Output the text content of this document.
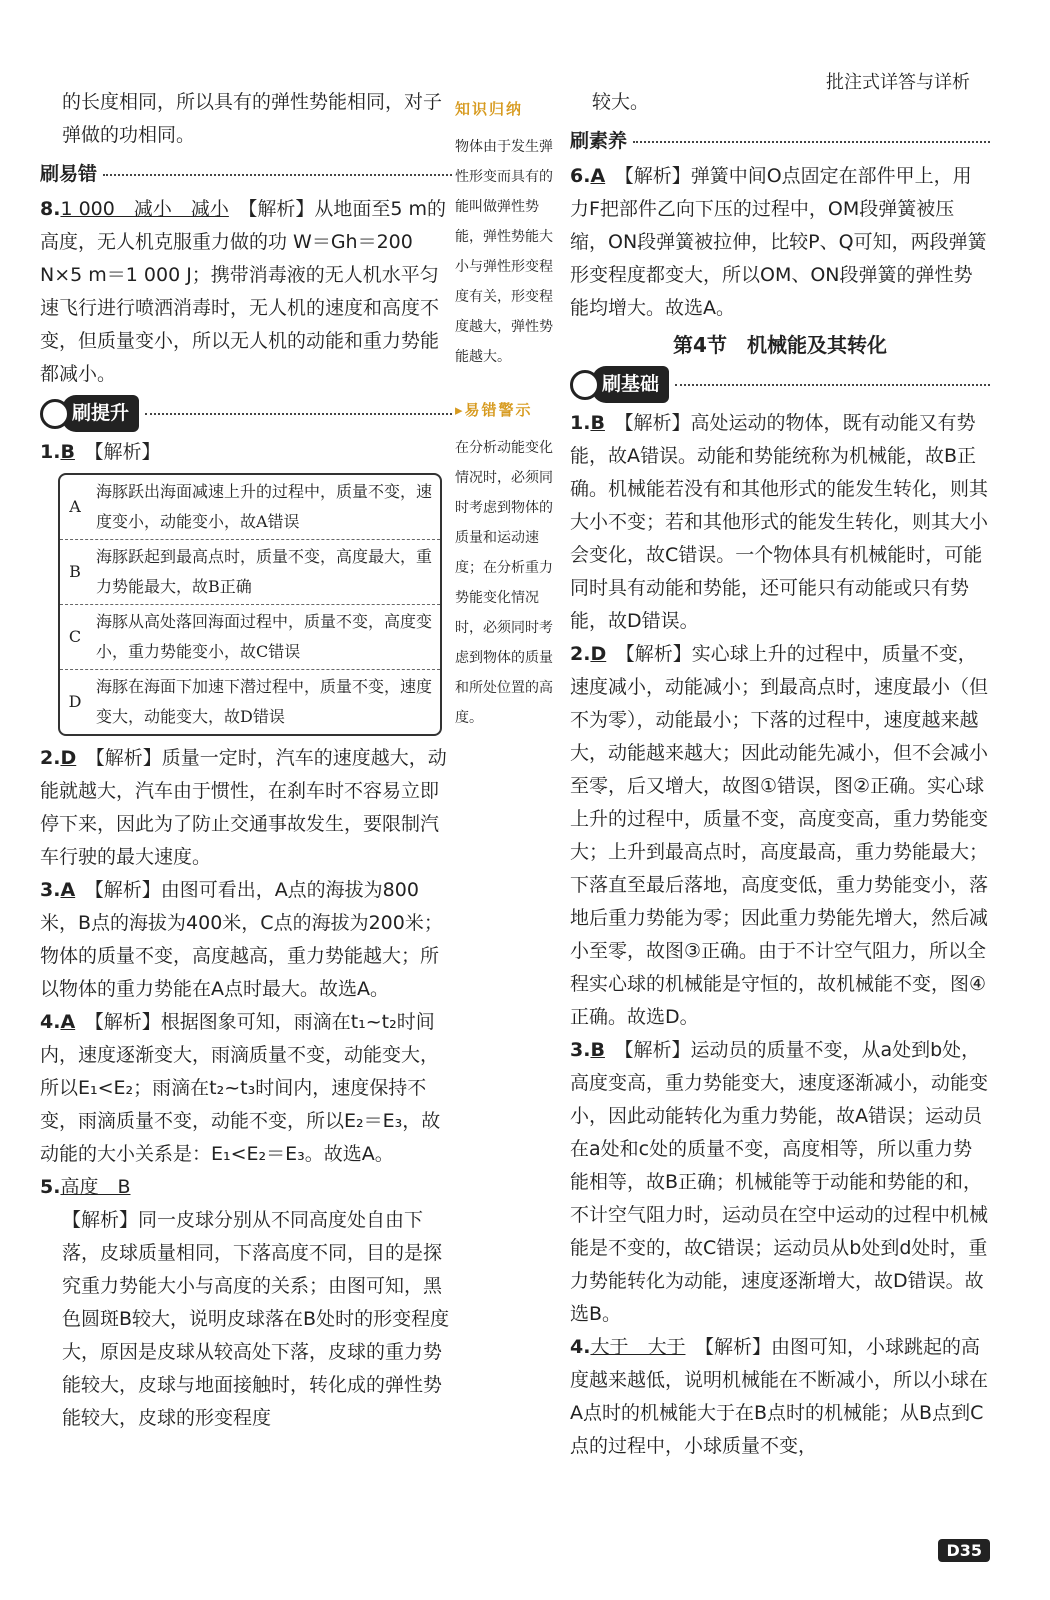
批注式详答与详析

的长度相同，所以具有的弹性势能相同，对子弹做的功相同。

刷易错

8.1 000　减小　减小　 【解析】从地面至5 m的高度，无人机克服重力做的功 W＝Gh＝200 N×5 m＝1 000 J；携带消毒液的无人机水平匀速飞行进行喷洒消毒时，无人机的速度和高度不变，但质量变小，所以无人机的动能和重力势能都减小。

刷提升

1.B　 【解析】

A
海豚跃出海面减速上升的过程中，质量不变，速度变小，动能变小，故A错误
B
海豚跃起到最高点时，质量不变，高度最大，重力势能最大，故B正确
C
海豚从高处落回海面过程中，质量不变，高度变小，重力势能变小，故C错误
D
海豚在海面下加速下潜过程中，质量不变，速度变大，动能变大，故D错误

2.D　 【解析】质量一定时，汽车的速度越大，动能就越大，汽车由于惯性，在刹车时不容易立即停下来，因此为了防止交通事故发生，要限制汽车行驶的最大速度。

3.A　 【解析】由图可看出，A点的海拔为800米，B点的海拔为400米，C点的海拔为200米；物体的质量不变，高度越高，重力势能越大；所以物体的重力势能在A点时最大。故选A。

4.A　 【解析】根据图象可知，雨滴在t₁~t₂时间内，速度逐渐变大，雨滴质量不变，动能变大，所以E₁<E₂；雨滴在t₂~t₃时间内，速度保持不变，雨滴质量不变，动能不变，所以E₂＝E₃，故动能的大小关系是：E₁<E₂＝E₃。故选A。

5.高度　B

【解析】同一皮球分别从不同高度处自由下落，皮球质量相同，下落高度不同，目的是探究重力势能大小与高度的关系；由图可知，黑色圆斑B较大，说明皮球落在B处时的形变程度大，原因是皮球从较高处下落，皮球的重力势能较大，皮球与地面接触时，转化成的弹性势能较大，皮球的形变程度

知识归纳
物体由于发生弹性形变而具有的能叫做弹性势能，弹性势能大小与弹性形变程度有关，形变程度越大，弹性势能越大。
▸易错警示
在分析动能变化情况时，必须同时考虑到物体的质量和运动速度；在分析重力势能变化情况时，必须同时考虑到物体的质量和所处位置的高度。

较大。

刷素养

6.A　 【解析】弹簧中间O点固定在部件甲上，用力F把部件乙向下压的过程中，OM段弹簧被压缩，ON段弹簧被拉伸，比较P、Q可知，两段弹簧形变程度都变大，所以OM、ON段弹簧的弹性势能均增大。故选A。

第4节　机械能及其转化
刷基础

1.B　 【解析】高处运动的物体，既有动能又有势能，故A错误。动能和势能统称为机械能，故B正确。机械能若没有和其他形式的能发生转化，则其大小不变；若和其他形式的能发生转化，则其大小会变化，故C错误。一个物体具有机械能时，可能同时具有动能和势能，还可能只有动能或只有势能，故D错误。

2.D　 【解析】实心球上升的过程中，质量不变，速度减小，动能减小；到最高点时，速度最小（但不为零），动能最小；下落的过程中，速度越来越大，动能越来越大；因此动能先减小，但不会减小至零，后又增大，故图①错误，图②正确。实心球上升的过程中，质量不变，高度变高，重力势能变大；上升到最高点时，高度最高，重力势能最大；下落直至最后落地，高度变低，重力势能变小，落地后重力势能为零；因此重力势能先增大，然后减小至零，故图③正确。由于不计空气阻力，所以全程实心球的机械能是守恒的，故机械能不变，图④正确。故选D。

3.B　 【解析】运动员的质量不变，从a处到b处，高度变高，重力势能变大，速度逐渐减小，动能变小，因此动能转化为重力势能，故A错误；运动员在a处和c处的质量不变，高度相等，所以重力势能相等，故B正确；机械能等于动能和势能的和，不计空气阻力时，运动员在空中运动的过程中机械能是不变的，故C错误；运动员从b处到d处时，重力势能转化为动能，速度逐渐增大，故D错误。故选B。

4.大于　大于　 【解析】由图可知，小球跳起的高度越来越低，说明机械能在不断减小，所以小球在A点时的机械能大于在B点时的机械能；从B点到C点的过程中，小球质量不变，

D35
